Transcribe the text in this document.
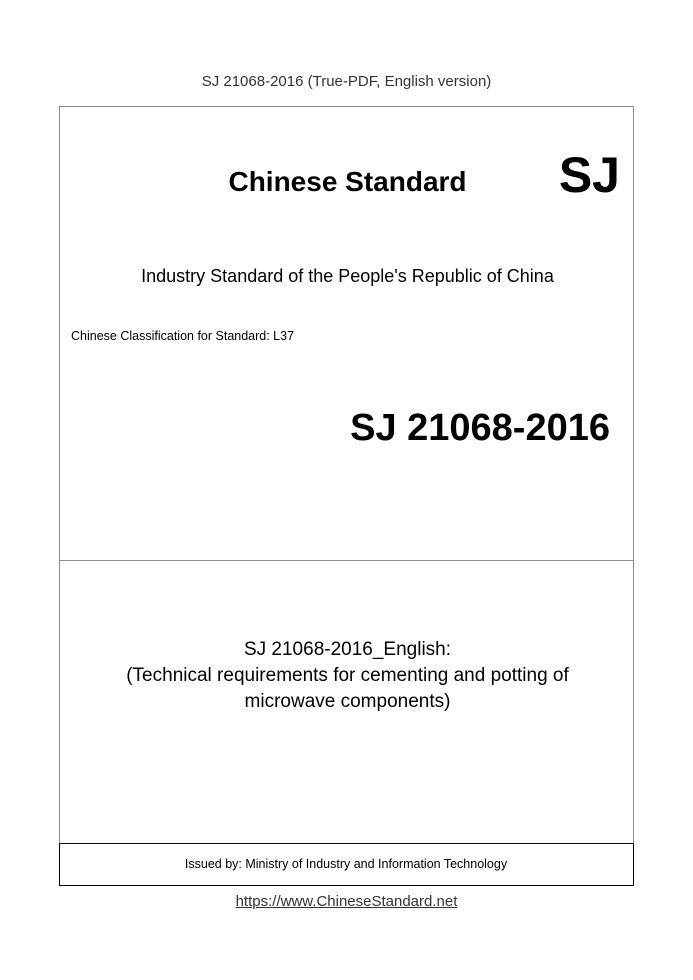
SJ 21068-2016 (True-PDF, English version)
Chinese Standard	SJ
Industry Standard of the People's Republic of China
Chinese Classification for Standard: L37
SJ 21068-2016
SJ 21068-2016_English:
(Technical requirements for cementing and potting of
microwave components)
Issued by: Ministry of Industry and Information Technology
https://www.ChineseStandard.net
